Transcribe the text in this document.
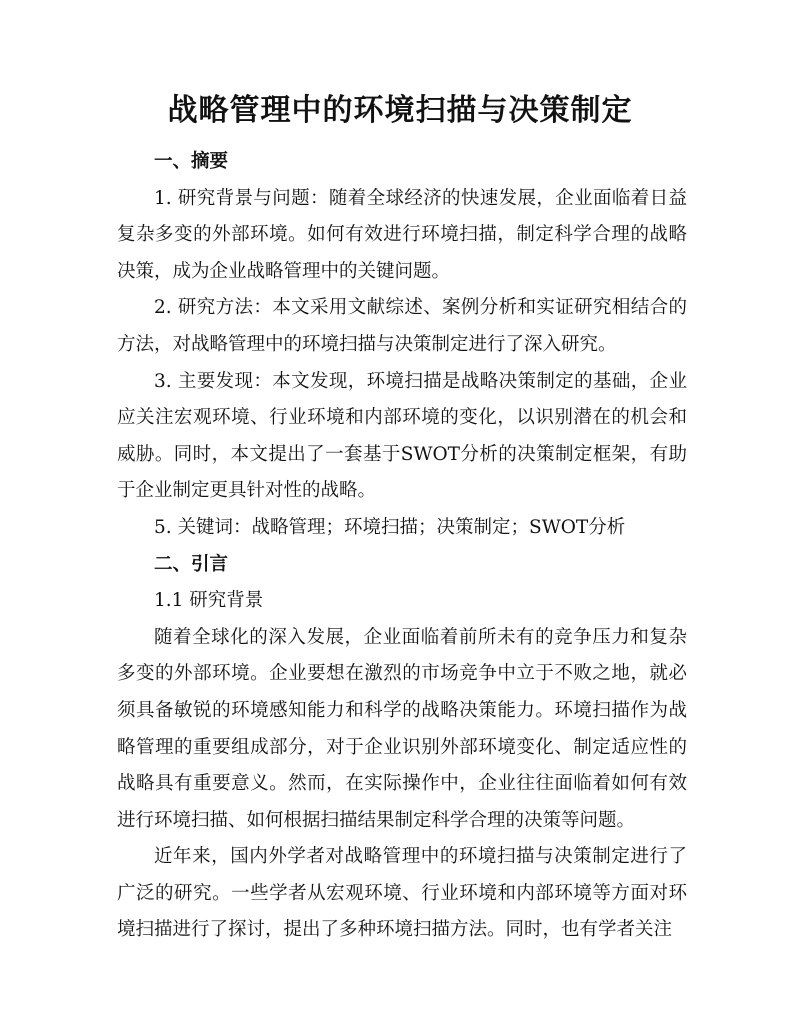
战略管理中的环境扫描与决策制定
一、摘要

1. 研究背景与问题：随着全球经济的快速发展，企业面临着日益复杂多变的外部环境。如何有效进行环境扫描，制定科学合理的战略决策，成为企业战略管理中的关键问题。

2. 研究方法：本文采用文献综述、案例分析和实证研究相结合的方法，对战略管理中的环境扫描与决策制定进行了深入研究。

3. 主要发现：本文发现，环境扫描是战略决策制定的基础，企业应关注宏观环境、行业环境和内部环境的变化，以识别潜在的机会和威胁。同时，本文提出了一套基于SWOT分析的决策制定框架，有助于企业制定更具针对性的战略。

5. 关键词：战略管理；环境扫描；决策制定；SWOT分析

二、引言
1.1 研究背景

随着全球化的深入发展，企业面临着前所未有的竞争压力和复杂多变的外部环境。企业要想在激烈的市场竞争中立于不败之地，就必须具备敏锐的环境感知能力和科学的战略决策能力。环境扫描作为战略管理的重要组成部分，对于企业识别外部环境变化、制定适应性的战略具有重要意义。然而，在实际操作中，企业往往面临着如何有效进行环境扫描、如何根据扫描结果制定科学合理的决策等问题。

近年来，国内外学者对战略管理中的环境扫描与决策制定进行了广泛的研究。一些学者从宏观环境、行业环境和内部环境等方面对环境扫描进行了探讨，提出了多种环境扫描方法。同时，也有学者关注
